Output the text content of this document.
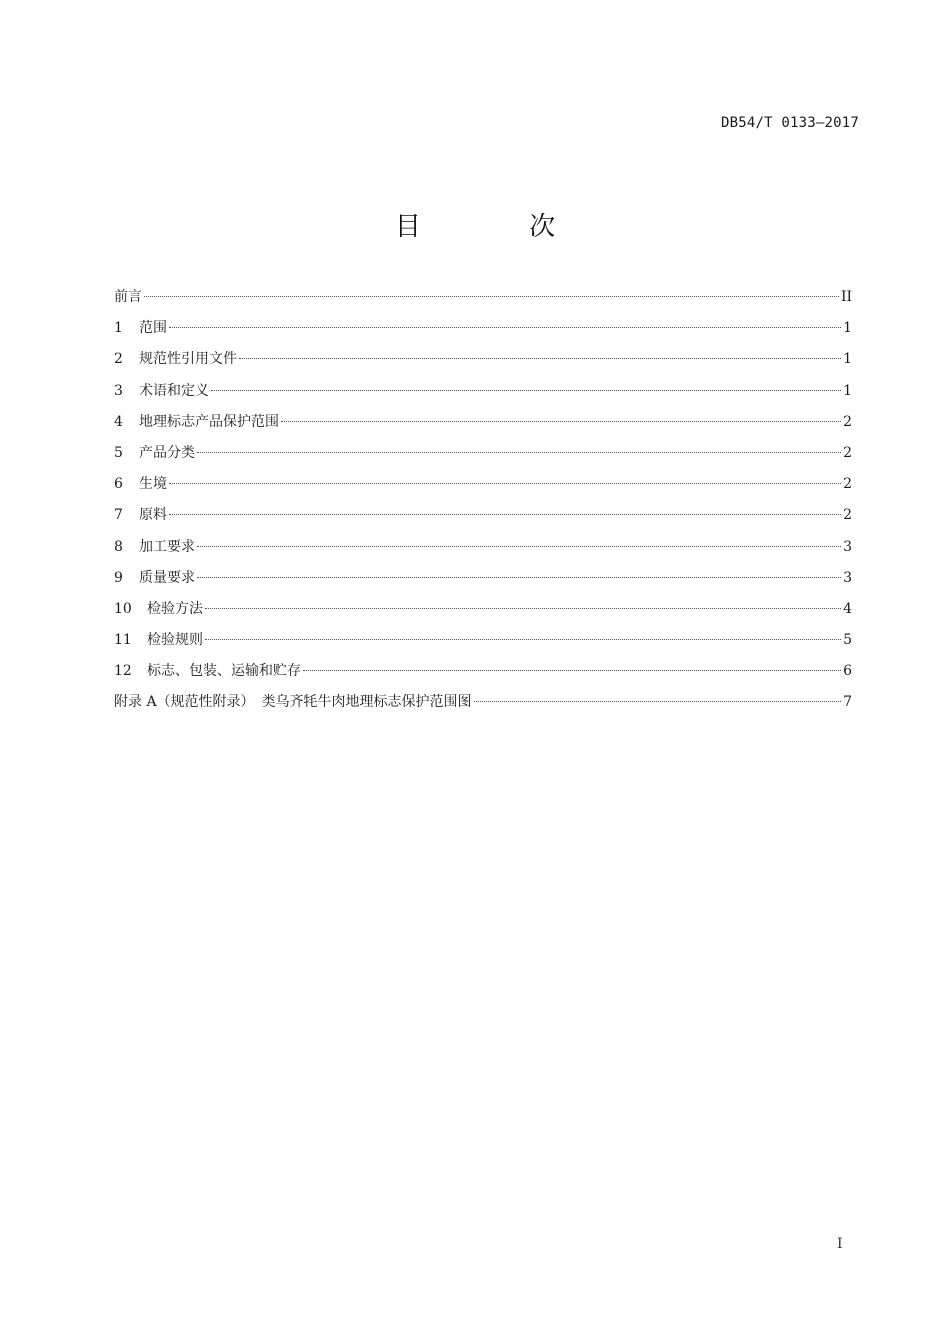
DB54/T 0133—2017
目 次
前言	II
1	范围	1
2	规范性引用文件	1
3	术语和定义	1
4	地理标志产品保护范围	2
5	产品分类	2
6	生境	2
7	原料	2
8	加工要求	3
9	质量要求	3
10	检验方法	4
11	检验规则	5
12	标志、包装、运输和贮存	6
附录 A（规范性附录）　类乌齐牦牛肉地理标志保护范围图	7
I
